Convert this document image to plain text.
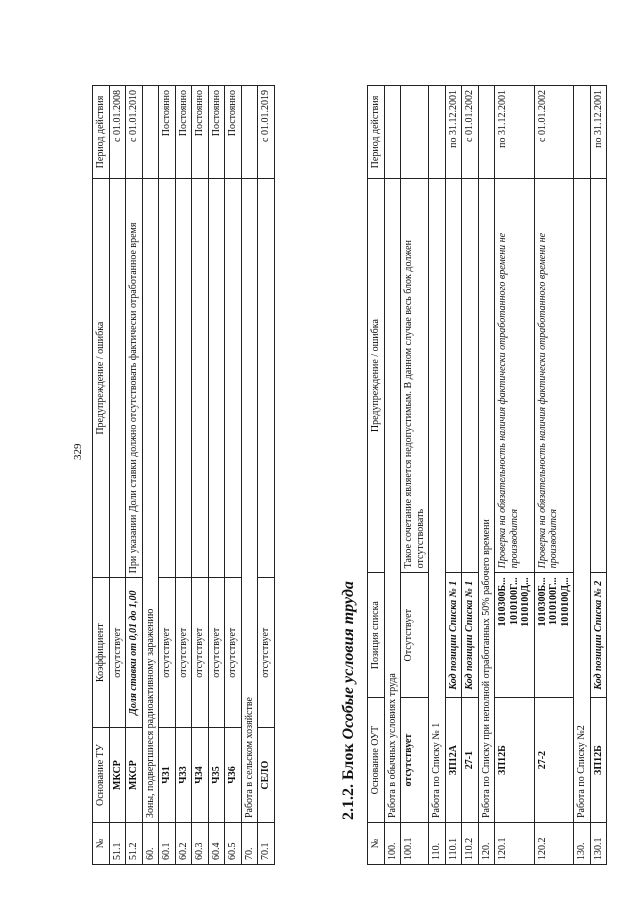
329
№	Основание ТУ	Коэффициент	Предупреждение / ошибка	Период действия
51.1	МКСР	отсутствует		с 01.01.2008
51.2	МКСР	Доля ставки от 0,01 до 1,00	При указании Доли ставки должно отсутствовать фактически отработанное время	с 01.01.2010
60.	Зоны, подвергшиеся радиоактивному заражению			
60.1	ЧЗ1	отсутствует		Постоянно
60.2	ЧЗ3	отсутствует		Постоянно
60.3	ЧЗ4	отсутствует		Постоянно
60.4	ЧЗ5	отсутствует		Постоянно
60.5	ЧЗ6	отсутствует		Постоянно
70.	Работа в сельском хозяйстве			
70.1	СЕЛО	отсутствует		с 01.01.2019
2.1.2. Блок Особые условия труда
№	Основание ОУТ	Позиция списка	Предупреждение / ошибка	Период действия
100.	Работа в обычных условиях труда			
100.1	отсутствует	Отсутствует	Такое сочетание является недопустимым. В данном случае весь блок должен отсутствовать	
110.	Работа по Списку № 1			
110.1	ЗП12А	Код позиции Списка № 1		по 31.12.2001
110.2	27-1	Код позиции Списка № 1		с 01.01.2002
120.	Работа по Списку при неполной отработанных 50% рабочего времени			
120.1	ЗП12Б	1010300Б... 1010100Г... 1010100Д...	Проверка на обязательность наличия фактически отработанного времени не производится	по 31.12.2001
120.2	27-2	1010300Б... 1010100Г... 1010100Д...	Проверка на обязательность наличия фактически отработанного времени не производится	с 01.01.2002
130.	Работа по Списку №2			
130.1	ЗП12Б	Код позиции Списка № 2		по 31.12.2001
